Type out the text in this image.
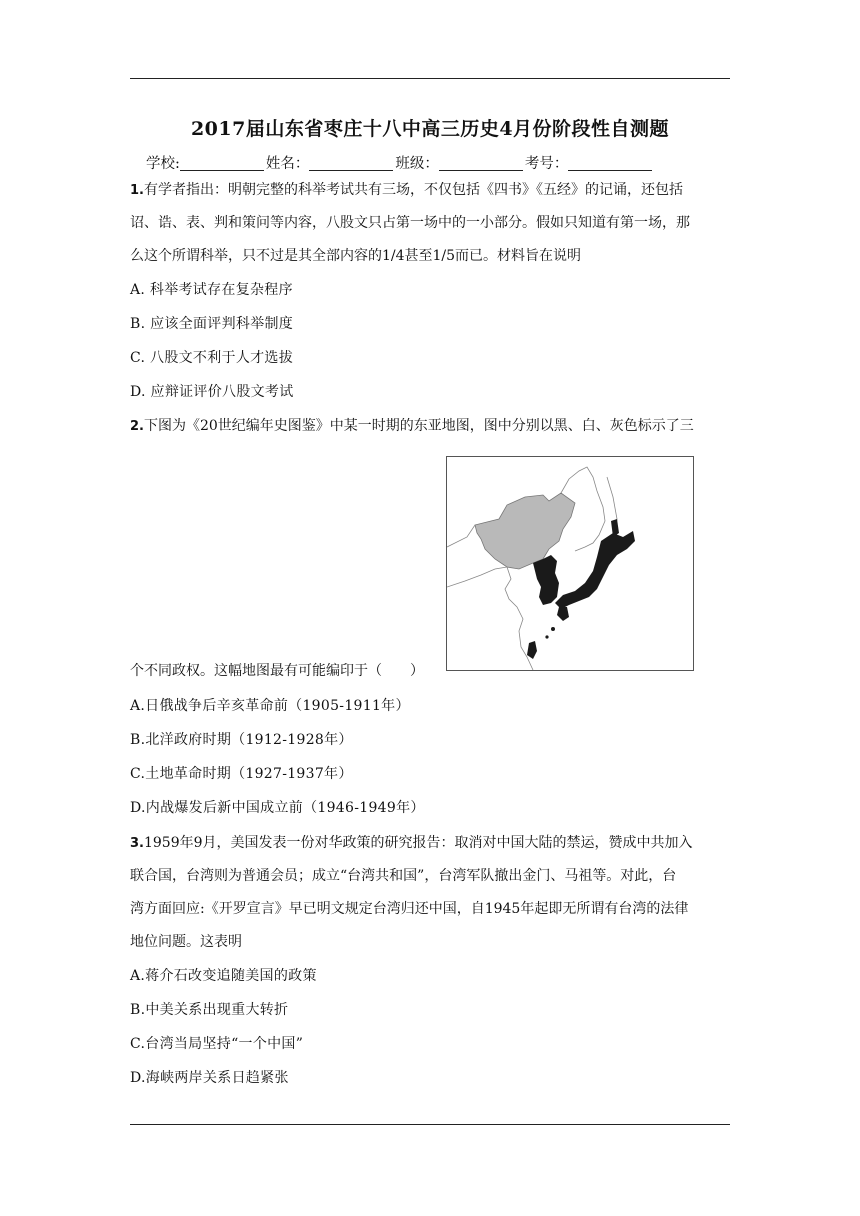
2017届山东省枣庄十八中高三历史4月份阶段性自测题
学校:	姓名：	班级：	考号：
1.有学者指出：明朝完整的科举考试共有三场，不仅包括《四书》《五经》的记诵，还包括
诏、诰、表、判和策问等内容，八股文只占第一场中的一小部分。假如只知道有第一场，那
么这个所谓科举，只不过是其全部内容的1/4甚至1/5而已。材料旨在说明
A. 科举考试存在复杂程序
B. 应该全面评判科举制度
C. 八股文不利于人才选拔
D. 应辩证评价八股文考试
2.下图为《20世纪编年史图鉴》中某一时期的东亚地图，图中分别以黑、白、灰色标示了三
个不同政权。这幅地图最有可能编印于（　　）
A.日俄战争后辛亥革命前（1905-1911年）
B.北洋政府时期（1912-1928年）
C.土地革命时期（1927-1937年）
D.内战爆发后新中国成立前（1946-1949年）
3.1959年9月，美国发表一份对华政策的研究报告：取消对中国大陆的禁运，赞成中共加入
联合国，台湾则为普通会员；成立“台湾共和国”，台湾军队撤出金门、马祖等。对此，台
湾方面回应:《开罗宣言》早已明文规定台湾归还中国，自1945年起即无所谓有台湾的法律
地位问题。这表明
A.蒋介石改变追随美国的政策
B.中美关系出现重大转折
C.台湾当局坚持“一个中国”
D.海峡两岸关系日趋紧张
